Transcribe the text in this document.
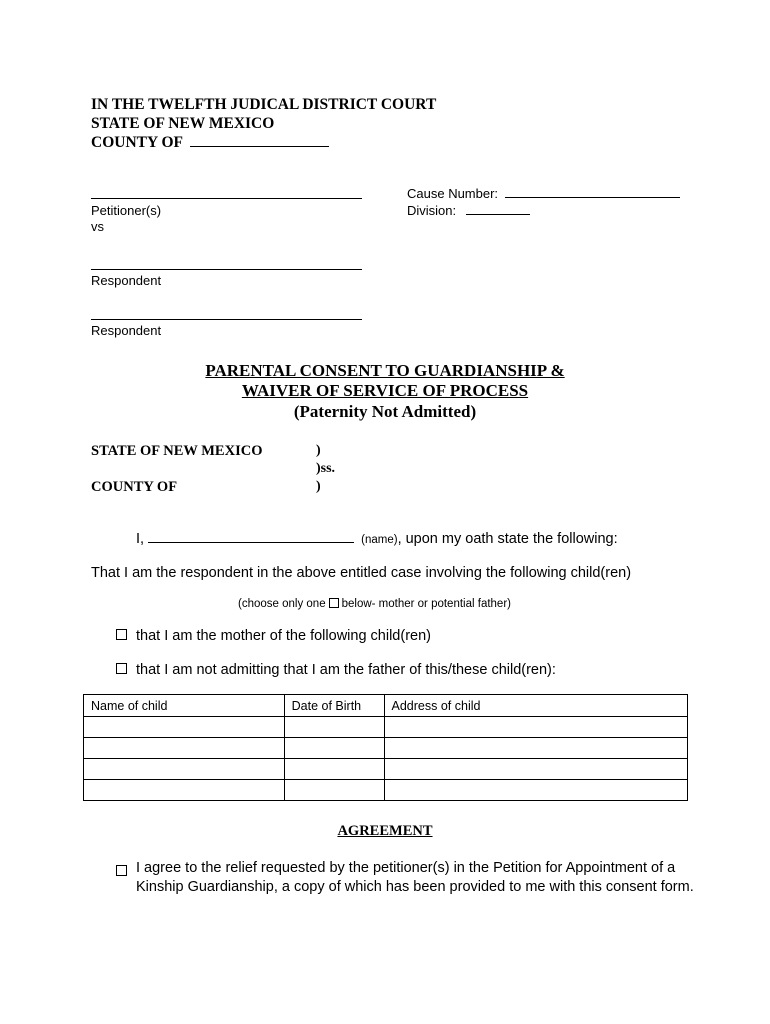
IN THE TWELFTH JUDICAL DISTRICT COURT
STATE OF NEW MEXICO
COUNTY OF
Petitioner(s)
vs
Respondent
Respondent
Cause Number:
Division:
PARENTAL CONSENT TO GUARDIANSHIP &
WAIVER OF SERVICE OF PROCESS
(Paternity Not Admitted)
STATE OF NEW MEXICO
COUNTY OF
)
)ss.
)
I,	(name), upon my oath state the following:
That I am the respondent in the above entitled case involving the following child(ren)
(choose only one below- mother or potential father)
that I am the mother of the following child(ren)
that I am not admitting that I am the father of this/these child(ren):
Name of child	Date of Birth	Address of child

AGREEMENT
I agree to the relief requested by the petitioner(s) in the Petition for Appointment of a Kinship Guardianship, a copy of which has been provided to me with this consent form.
